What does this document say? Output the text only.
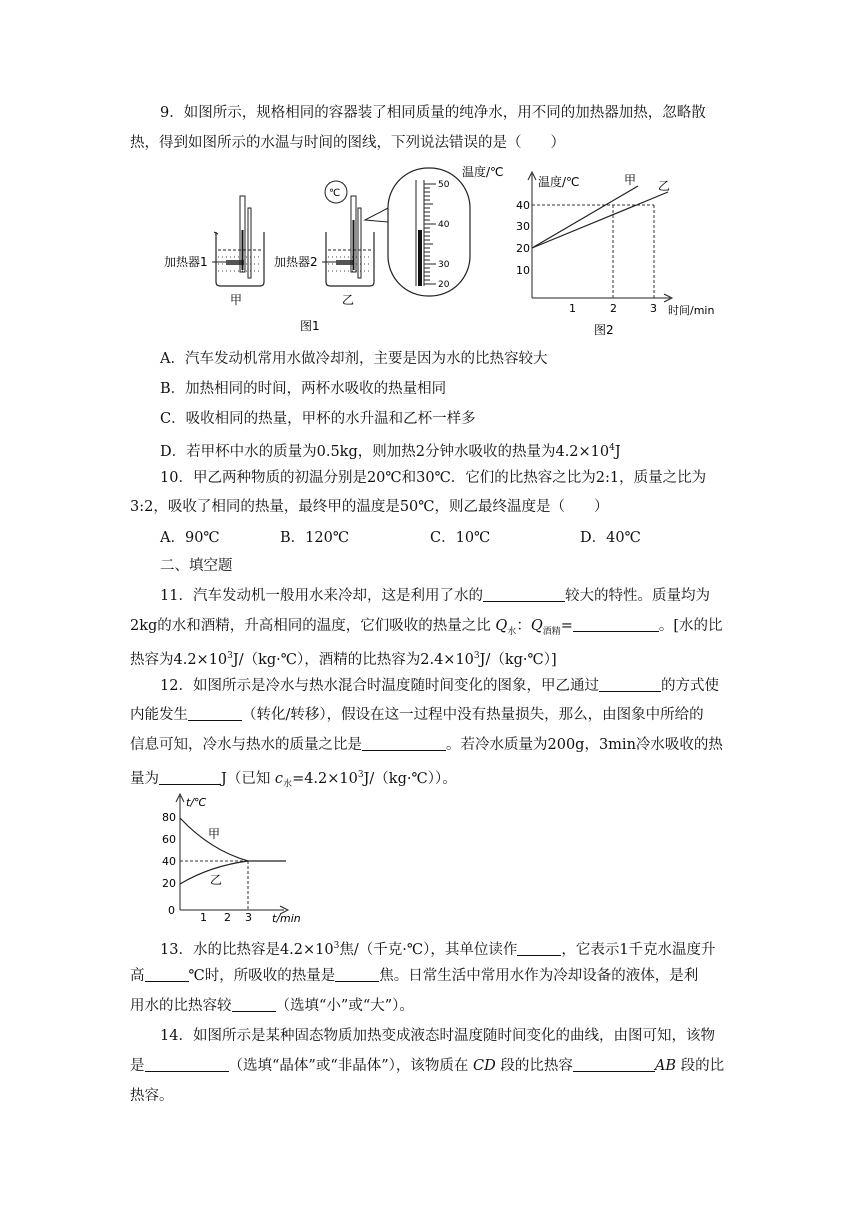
9．如图所示，规格相同的容器装了相同质量的纯净水，用不同的加热器加热，忽略散
热，得到如图所示的水温与时间的图线，下列说法错误的是（　　）
加热器1
甲
℃
加热器2
乙
图1
50
40
30
20
温度/℃
温度/℃
时间/min
40
30
20
10
1	2	3
甲 乙
图2
A．汽车发动机常用水做冷却剂，主要是因为水的比热容较大
B．加热相同的时间，两杯水吸收的热量相同
C．吸收相同的热量，甲杯的水升温和乙杯一样多
D．若甲杯中水的质量为0.5kg，则加热2分钟水吸收的热量为$4.2\times 10^4J$
10．甲乙两种物质的初温分别是20℃和30℃．它们的比热容之比为2:1，质量之比为
3:2，吸收了相同的热量，最终甲的温度是50℃，则乙最终温度是（　　）
A．90℃	B．120℃	C．10℃	D．40℃
二、填空题
11．汽车发动机一般用水来冷却，这是利用了水的	较大的特性。质量均为
2kg的水和酒精，升高相同的温度，它们吸收的热量之比 $Q_水$：$Q_{酒精}=$	。[水的比
热容为$4.2\times 10^3J/(kg\cdot℃)$，酒精的比热容为$2.4\times 10^3J/(kg\cdot℃)$]
12．如图所示是冷水与热水混合时温度随时间变化的图象，甲乙通过	的方式使
内能发生	（转化/转移），假设在这一过程中没有热量损失，那么，由图象中所给的
信息可知，冷水与热水的质量之比是	。若冷水质量为200g，3min冷水吸收的热
量为	J（已知 $c_水=4.2\times 10^3J/(kg\cdot℃)$）。
t/℃
t/min
80
60
40
20
0
1 2 3
甲
乙
13．水的比热容是$4.2\times 10^3$焦/（千克·℃），其单位读作	，它表示1千克水温度升
高	℃时，所吸收的热量是	焦。日常生活中常用水作为冷却设备的液体，是利
用水的比热容较	（选填“小”或“大”）。
14．如图所示是某种固态物质加热变成液态时温度随时间变化的曲线，由图可知，该物
是	（选填“晶体”或“非晶体”），该物质在 CD 段的比热容	AB 段的比
热容。
